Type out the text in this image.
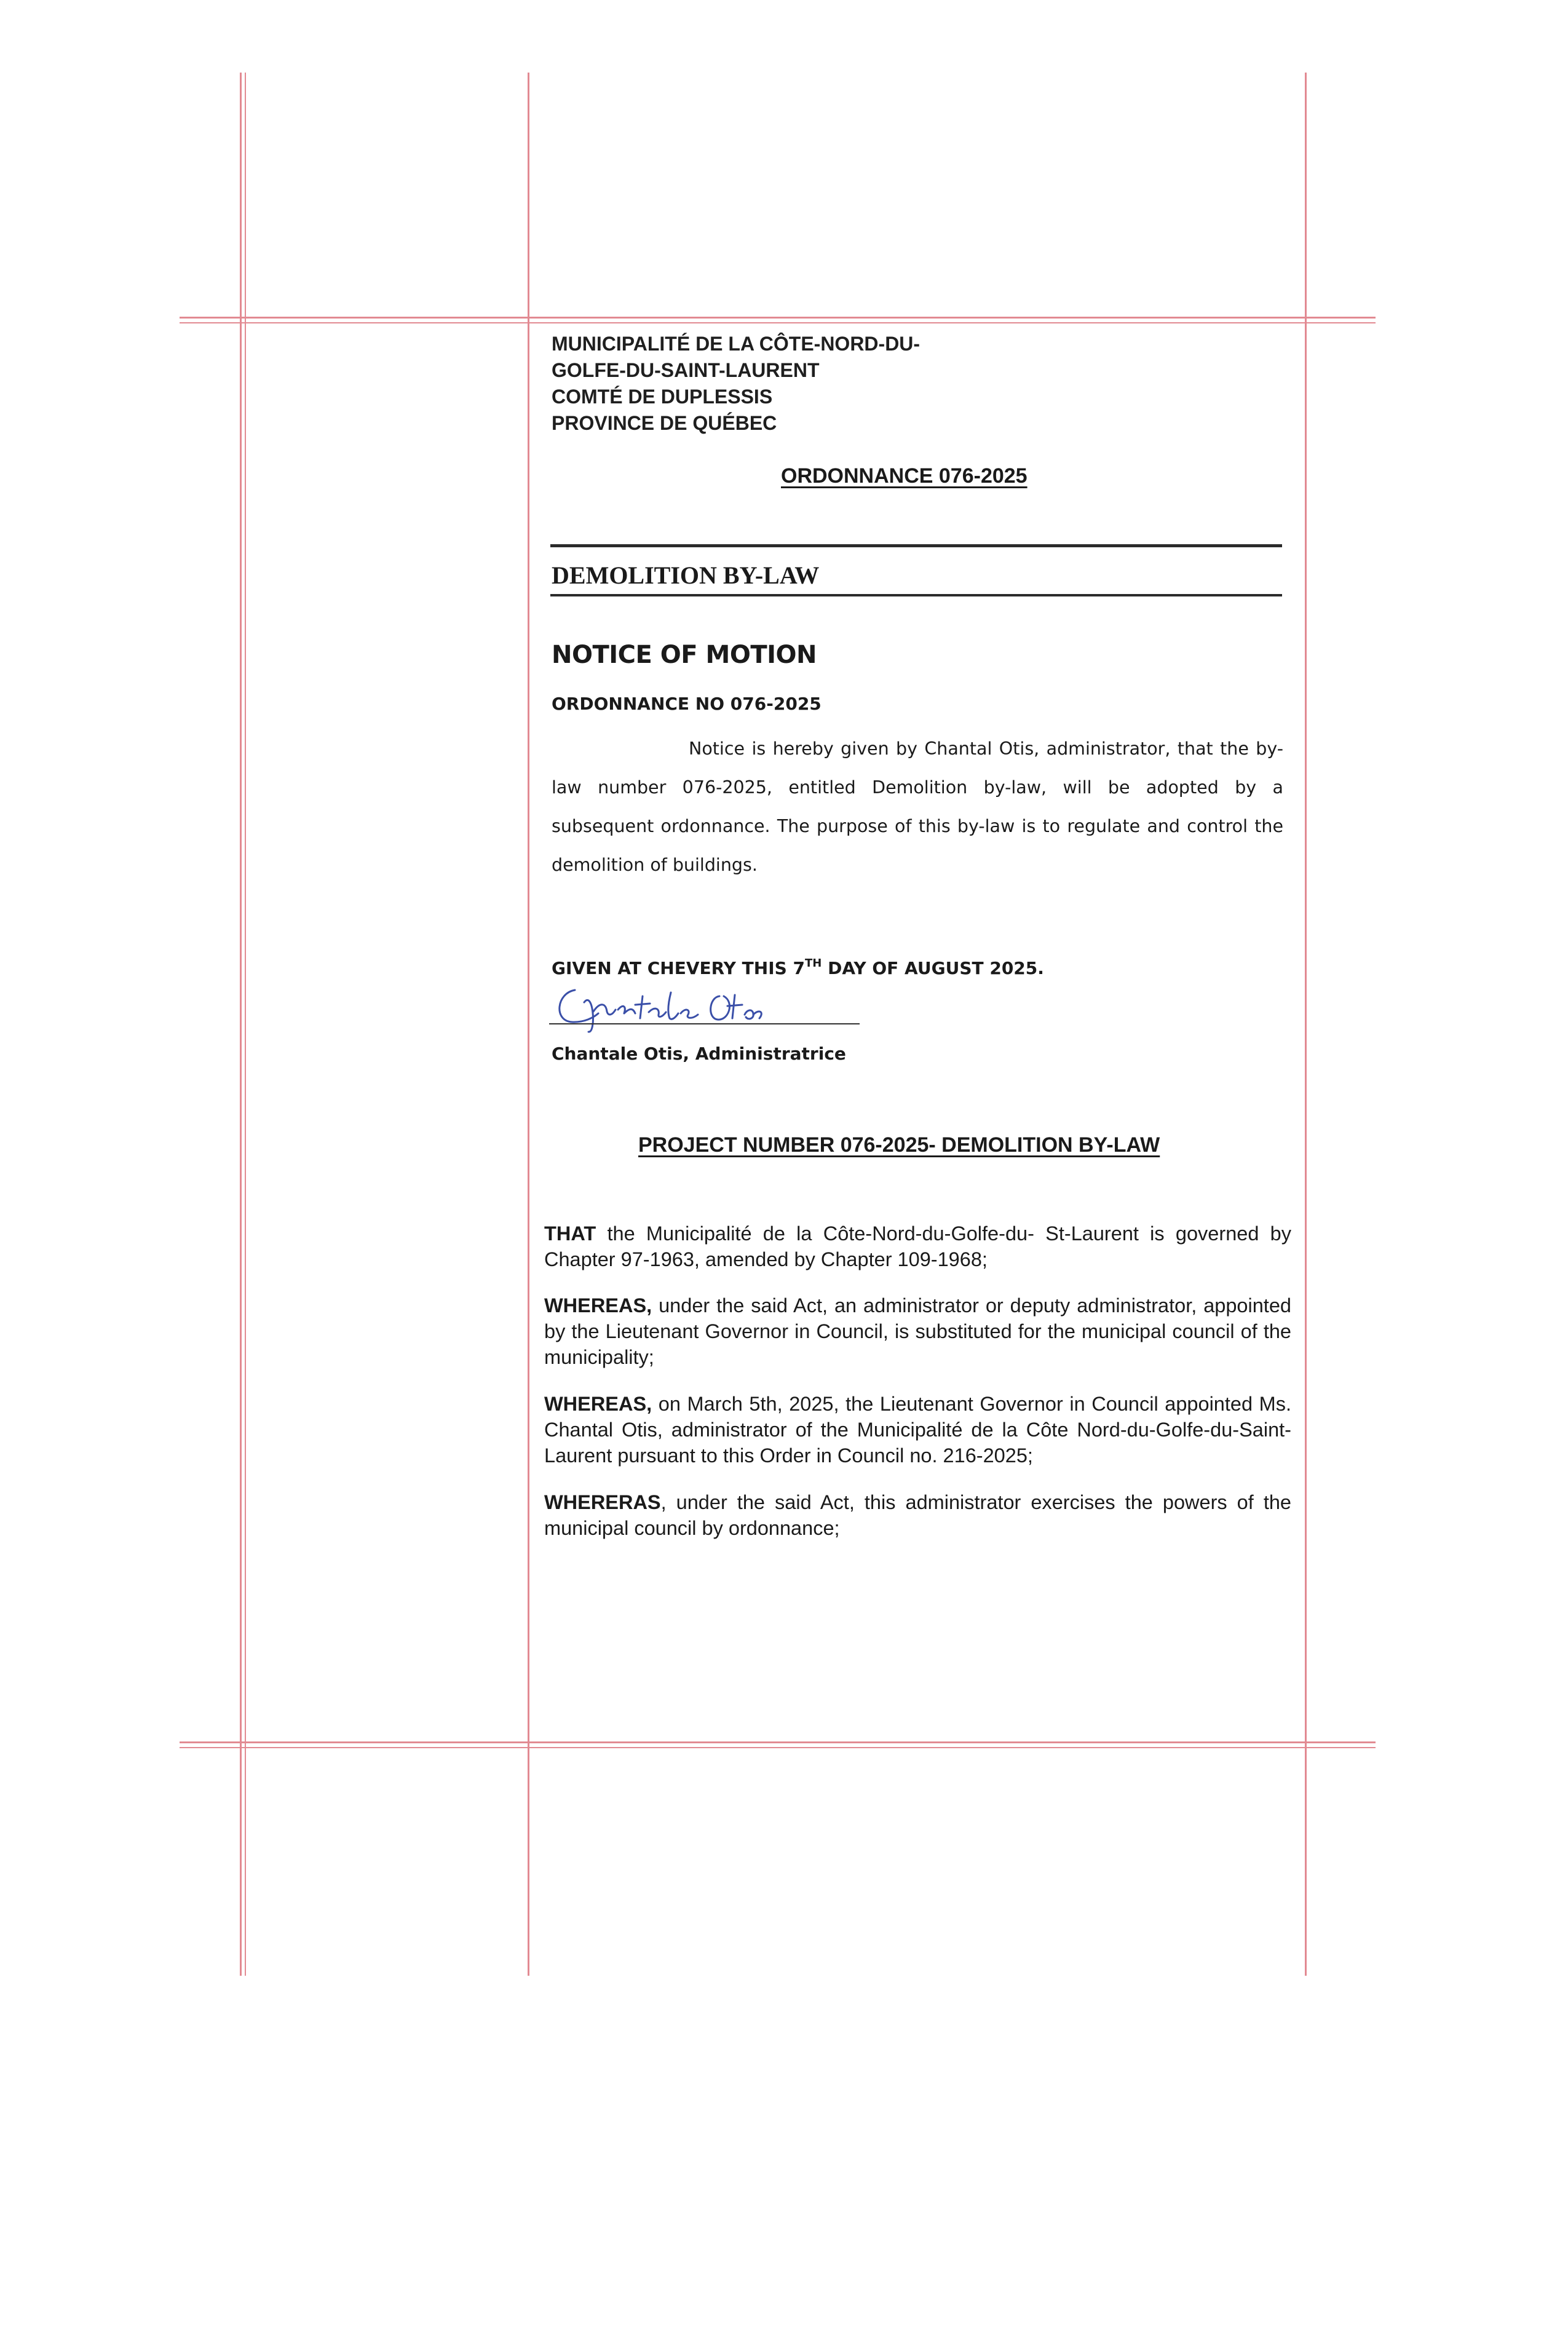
MUNICIPALITÉ DE LA CÔTE-NORD-DU-
GOLFE-DU-SAINT-LAURENT
COMTÉ DE DUPLESSIS
PROVINCE DE QUÉBEC
ORDONNANCE 076-2025
DEMOLITION BY-LAW
NOTICE OF MOTION
ORDONNANCE NO 076-2025
Notice is hereby given by Chantal Otis, administrator, that the by-law number 076-2025, entitled Demolition by-law, will be adopted by a subsequent ordonnance. The purpose of this by-law is to regulate and control the demolition of buildings.
GIVEN AT CHEVERY THIS 7TH DAY OF AUGUST 2025.
Chantale Otis, Administratrice
PROJECT NUMBER 076-2025- DEMOLITION BY-LAW
THAT the Municipalité de la Côte-Nord-du-Golfe-du- St-Laurent is governed by Chapter 97-1963, amended by Chapter 109-1968;
WHEREAS, under the said Act, an administrator or deputy administrator, appointed by the Lieutenant Governor in Council, is substituted for the municipal council of the municipality;
WHEREAS, on March 5th, 2025, the Lieutenant Governor in Council appointed Ms. Chantal Otis, administrator of the Municipalité de la Côte Nord-du-Golfe-du-Saint-Laurent pursuant to this Order in Council no. 216-2025;
WHERERAS, under the said Act, this administrator exercises the powers of the municipal council by ordonnance;
